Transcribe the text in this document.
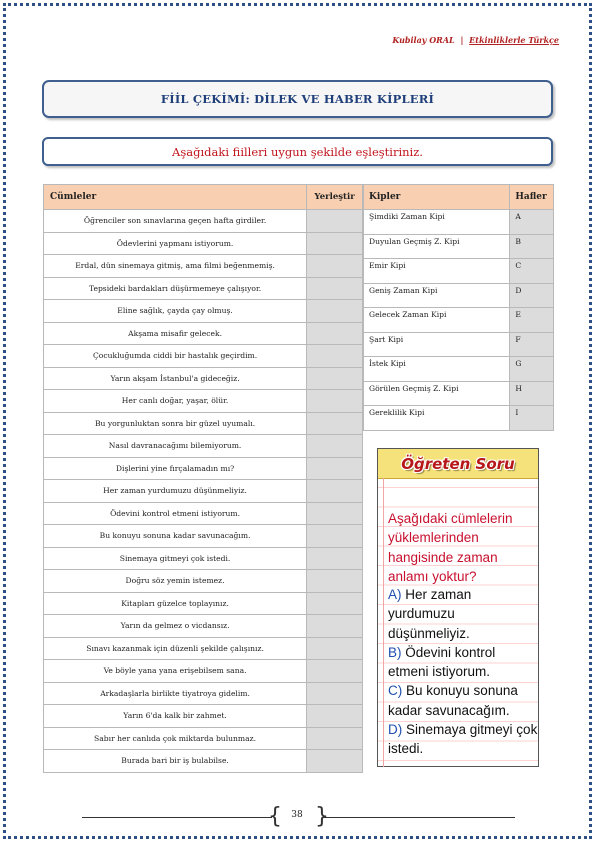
Kubilay ORAL | Etkinliklerle Türkçe
FİİL ÇEKİMİ: DİLEK VE HABER KİPLERİ
Aşağıdaki fiilleri uygun şekilde eşleştiriniz.
Cümleler	Yerleştir
Öğrenciler son sınavlarına geçen hafta girdiler.	
Ödevlerini yapmanı istiyorum.	
Erdal, dün sinemaya gitmiş, ama filmi beğenmemiş.	
Tepsideki bardakları düşürmemeye çalışıyor.	
Eline sağlık, çayda çay olmuş.	
Akşama misafir gelecek.	
Çocukluğumda ciddi bir hastalık geçirdim.	
Yarın akşam İstanbul'a gideceğiz.	
Her canlı doğar, yaşar, ölür.	
Bu yorgunluktan sonra bir güzel uyumalı.	
Nasıl davranacağımı bilemiyorum.	
Dişlerini yine fırçalamadın mı?	
Her zaman yurdumuzu düşünmeliyiz.	
Ödevini kontrol etmeni istiyorum.	
Bu konuyu sonuna kadar savunacağım.	
Sinemaya gitmeyi çok istedi.	
Doğru söz yemin istemez.	
Kitapları güzelce toplayınız.	
Yarın da gelmez o vicdansız.	
Sınavı kazanmak için düzenli şekilde çalışınız.	
Ve böyle yana yana erişebilsem sana.	
Arkadaşlarla birlikte tiyatroya gidelim.	
Yarın 6'da kalk bir zahmet.	
Sabır her canlıda çok miktarda bulunmaz.	
Burada bari bir iş bulabilse.	
Kipler	Hafler
Şimdiki Zaman Kipi	A
Duyulan Geçmiş Z. Kipi	B
Emir Kipi	C
Geniş Zaman Kipi	D
Gelecek Zaman Kipi	E
Şart Kipi	F
İstek Kipi	G
Görülen Geçmiş Z. Kipi	H
Gereklilik Kipi	I
Öğreten Soru
Aşağıdaki cümlelerin yüklemlerinden hangisinde zaman anlamı yoktur?
A) Her zaman yurdumuzu düşünmeliyiz.
B) Ödevini kontrol etmeni istiyorum.
C) Bu konuyu sonuna kadar savunacağım.
D) Sinemaya gitmeyi çok istedi.
{ }
38
